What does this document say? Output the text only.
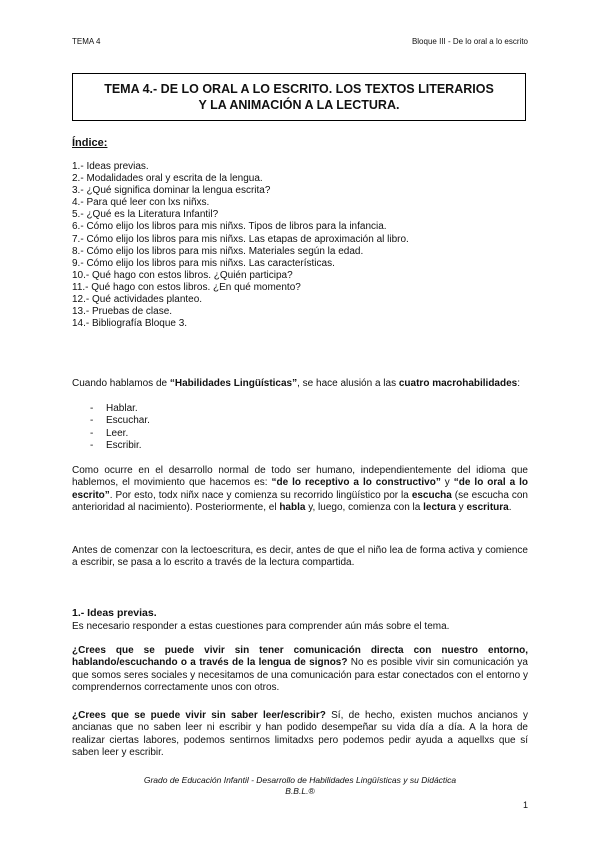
TEMA 4	Bloque III - De lo oral a lo escrito
TEMA 4.- DE LO ORAL A LO ESCRITO. LOS TEXTOS LITERARIOS
Y LA ANIMACIÓN A LA LECTURA.
Índice:
1.- Ideas previas.
2.- Modalidades oral y escrita de la lengua.
3.- ¿Qué significa dominar la lengua escrita?
4.- Para qué leer con lxs niñxs.
5.- ¿Qué es la Literatura Infantil?
6.- Cómo elijo los libros para mis niñxs. Tipos de libros para la infancia.
7.- Cómo elijo los libros para mis niñxs. Las etapas de aproximación al libro.
8.- Cómo elijo los libros para mis niñxs. Materiales según la edad.
9.- Cómo elijo los libros para mis niñxs. Las características.
10.- Qué hago con estos libros. ¿Quién participa?
11.- Qué hago con estos libros. ¿En qué momento?
12.- Qué actividades planteo.
13.- Pruebas de clase.
14.- Bibliografía Bloque 3.

Cuando hablamos de “Habilidades Lingüísticas”, se hace alusión a las cuatro macrohabilidades:

- Hablar.
- Escuchar.
- Leer.
- Escribir.

Como ocurre en el desarrollo normal de todo ser humano, independientemente del idioma que hablemos, el movimiento que hacemos es: “de lo receptivo a lo constructivo” y “de lo oral a lo escrito”. Por esto, todx niñx nace y comienza su recorrido lingüístico por la escucha (se escucha con anterioridad al nacimiento). Posteriormente, el habla y, luego, comienza con la lectura y escritura.

Antes de comenzar con la lectoescritura, es decir, antes de que el niño lea de forma activa y comience a escribir, se pasa a lo escrito a través de la lectura compartida.

1.- Ideas previas.

Es necesario responder a estas cuestiones para comprender aún más sobre el tema.

¿Crees que se puede vivir sin tener comunicación directa con nuestro entorno, hablando/escuchando o a través de la lengua de signos? No es posible vivir sin comunicación ya que somos seres sociales y necesitamos de una comunicación para estar conectados con el entorno y comprendernos correctamente unos con otros.

¿Crees que se puede vivir sin saber leer/escribir? Sí, de hecho, existen muchos ancianos y ancianas que no saben leer ni escribir y han podido desempeñar su vida día a día. A la hora de realizar ciertas labores, podemos sentirnos limitadxs pero podemos pedir ayuda a aquellxs que sí saben leer y escribir.

Grado de Educación Infantil - Desarrollo de Habilidades Lingüísticas y su Didáctica
B.B.L.®
1
